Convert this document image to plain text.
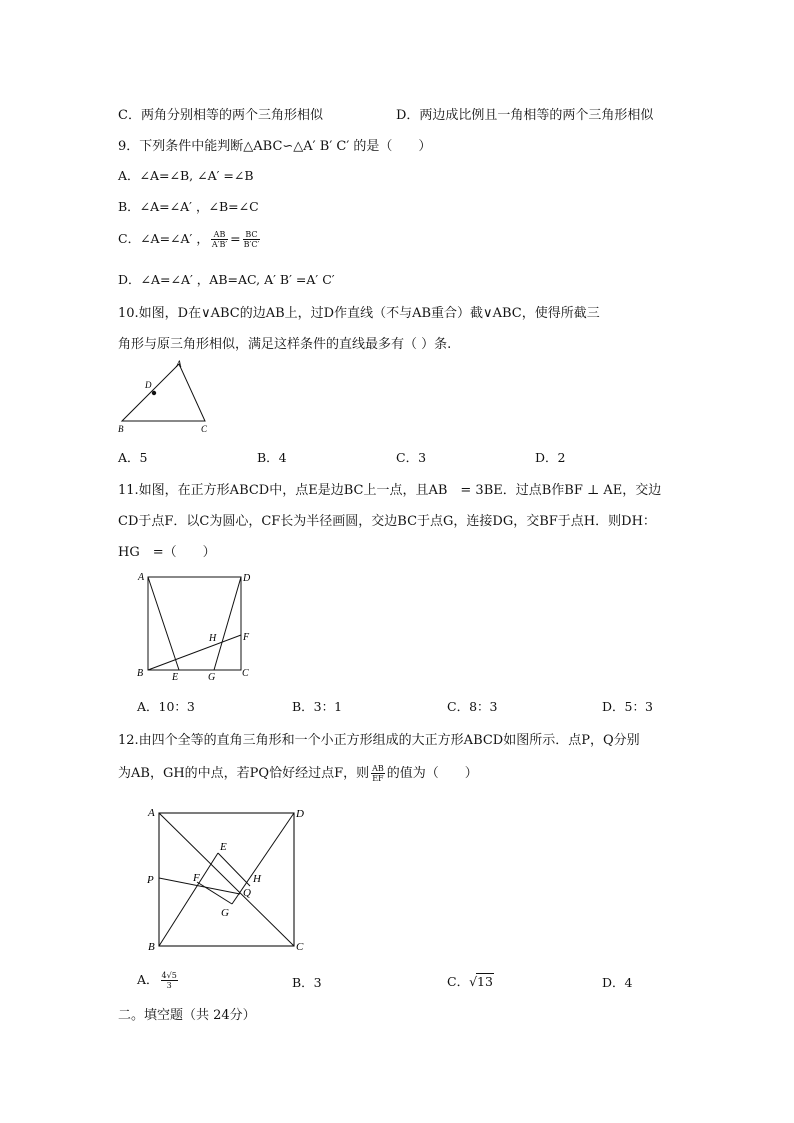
C．两角分别相等的两个三角形相似	D．两边成比例且一角相等的两个三角形相似
9．下列条件中能判断△ABC∽△A′ B′ C′ 的是（　　）
A．∠A=∠B, ∠A′ =∠B
B．∠A=∠A′ ，∠B=∠C
C．∠A=∠A′ ， $\frac{AB}{A'B'} = \frac{BC}{B'C'}$
D．∠A=∠A′ ，AB=AC, A′ B′ =A′ C′
10.如图，D在∨ABC的边AB上，过D作直线（不与AB重合）截∨ABC，使得所截三
角形与原三角形相似，满足这样条件的直线最多有（ ）条.
A
D
B	C
A．5	B．4	C．3	D．2
11.如图，在正方形ABCD中，点E是边BC上一点，且AB　= 3BE．过点B作BF ⊥ AE，交边
CD于点F．以C为圆心，CF长为半径画圆，交边BC于点G，连接DG，交BF于点H．则DH：
HG　=（　　）
A	D
B	C
E	G
F
H
A．10：3	B．3：1	C．8：3	D．5：3
12.由四个全等的直角三角形和一个小正方形组成的大正方形ABCD如图所示．点P，Q分别
为AB，GH的中点，若PQ恰好经过点F，则 $\frac{AB}{EF}$ 的值为（　　）
A	D
B	C
P
E
F	H
Q
G
A． $\frac{4√5}{3}$	B．3	C．√13	D．4
二。填空题（共 24分）
